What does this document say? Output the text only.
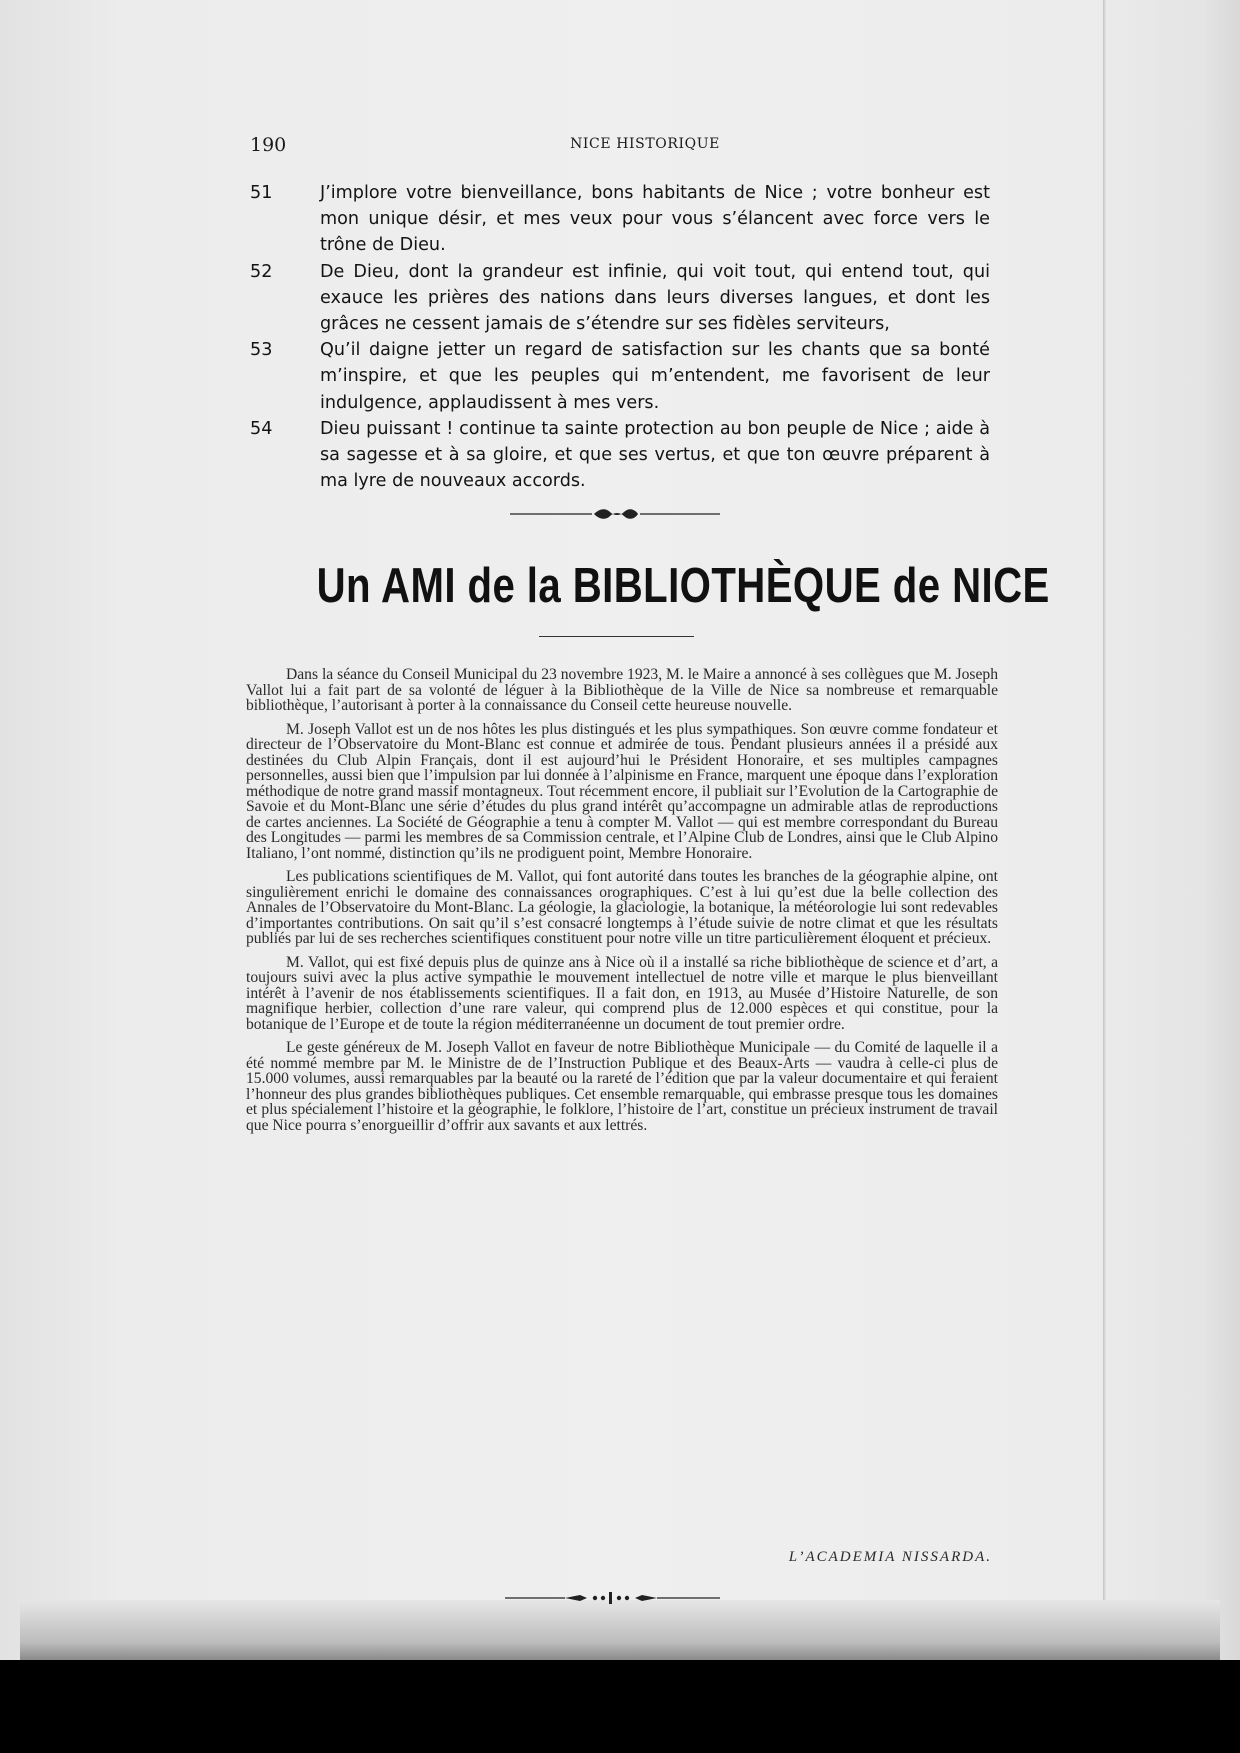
190	NICE HISTORIQUE
51	J’implore votre bienveillance, bons habitants de Nice ; votre bonheur est mon unique désir, et mes veux pour vous s’élancent avec force vers le trône de Dieu.
52	De Dieu, dont la grandeur est infinie, qui voit tout, qui entend tout, qui exauce les prières des nations dans leurs diverses langues, et dont les grâces ne cessent jamais de s’étendre sur ses fidèles serviteurs,
53	Qu’il daigne jetter un regard de satisfaction sur les chants que sa bonté m’inspire, et que les peuples qui m’entendent, me favorisent de leur indulgence, applaudissent à mes vers.
54	Dieu puissant ! continue ta sainte protection au bon peuple de Nice ; aide à sa sagesse et à sa gloire, et que ses vertus, et que ton œuvre préparent à ma lyre de nouveaux accords.
Un AMI de la BIBLIOTHÈQUE de NICE

Dans la séance du Conseil Municipal du 23 novembre 1923, M. le Maire a annoncé à ses collègues que M. Joseph Vallot lui a fait part de sa volonté de léguer à la Bibliothèque de la Ville de Nice sa nombreuse et remarquable bibliothèque, l’autorisant à porter à la connaissance du Conseil cette heureuse nouvelle.

M. Joseph Vallot est un de nos hôtes les plus distingués et les plus sympathiques. Son œuvre comme fondateur et directeur de l’Observatoire du Mont-Blanc est connue et admirée de tous. Pendant plusieurs années il a présidé aux destinées du Club Alpin Français, dont il est aujourd’hui le Président Honoraire, et ses multiples campagnes personnelles, aussi bien que l’impulsion par lui donnée à l’alpinisme en France, marquent une époque dans l’exploration méthodique de notre grand massif montagneux. Tout récemment encore, il publiait sur l’Evolution de la Cartographie de Savoie et du Mont-Blanc une série d’études du plus grand intérêt qu’accompagne un admirable atlas de reproductions de cartes anciennes. La Société de Géographie a tenu à compter M. Vallot — qui est membre correspondant du Bureau des Longitudes — parmi les membres de sa Commission centrale, et l’Alpine Club de Londres, ainsi que le Club Alpino Italiano, l’ont nommé, distinction qu’ils ne prodiguent point, Membre Honoraire.

Les publications scientifiques de M. Vallot, qui font autorité dans toutes les branches de la géographie alpine, ont singulièrement enrichi le domaine des connaissances orographiques. C’est à lui qu’est due la belle collection des Annales de l’Observatoire du Mont-Blanc. La géologie, la glaciologie, la botanique, la météorologie lui sont redevables d’importantes contributions. On sait qu’il s’est consacré longtemps à l’étude suivie de notre climat et que les résultats publiés par lui de ses recherches scientifiques constituent pour notre ville un titre particulièrement éloquent et précieux.

M. Vallot, qui est fixé depuis plus de quinze ans à Nice où il a installé sa riche bibliothèque de science et d’art, a toujours suivi avec la plus active sympathie le mouvement intellectuel de notre ville et marque le plus bienveillant intérêt à l’avenir de nos établissements scientifiques. Il a fait don, en 1913, au Musée d’Histoire Naturelle, de son magnifique herbier, collection d’une rare valeur, qui comprend plus de 12.000 espèces et qui constitue, pour la botanique de l’Europe et de toute la région méditerranéenne un document de tout premier ordre.

Le geste généreux de M. Joseph Vallot en faveur de notre Bibliothèque Municipale — du Comité de laquelle il a été nommé membre par M. le Ministre de de l’Instruction Publique et des Beaux-Arts — vaudra à celle-ci plus de 15.000 volumes, aussi remarquables par la beauté ou la rareté de l’édition que par la valeur documentaire et qui feraient l’honneur des plus grandes bibliothèques publiques. Cet ensemble remarquable, qui embrasse presque tous les domaines et plus spécialement l’histoire et la géographie, le folklore, l’histoire de l’art, constitue un précieux instrument de travail que Nice pourra s’enorgueillir d’offrir aux savants et aux lettrés.

L’ACADEMIA NISSARDA.
